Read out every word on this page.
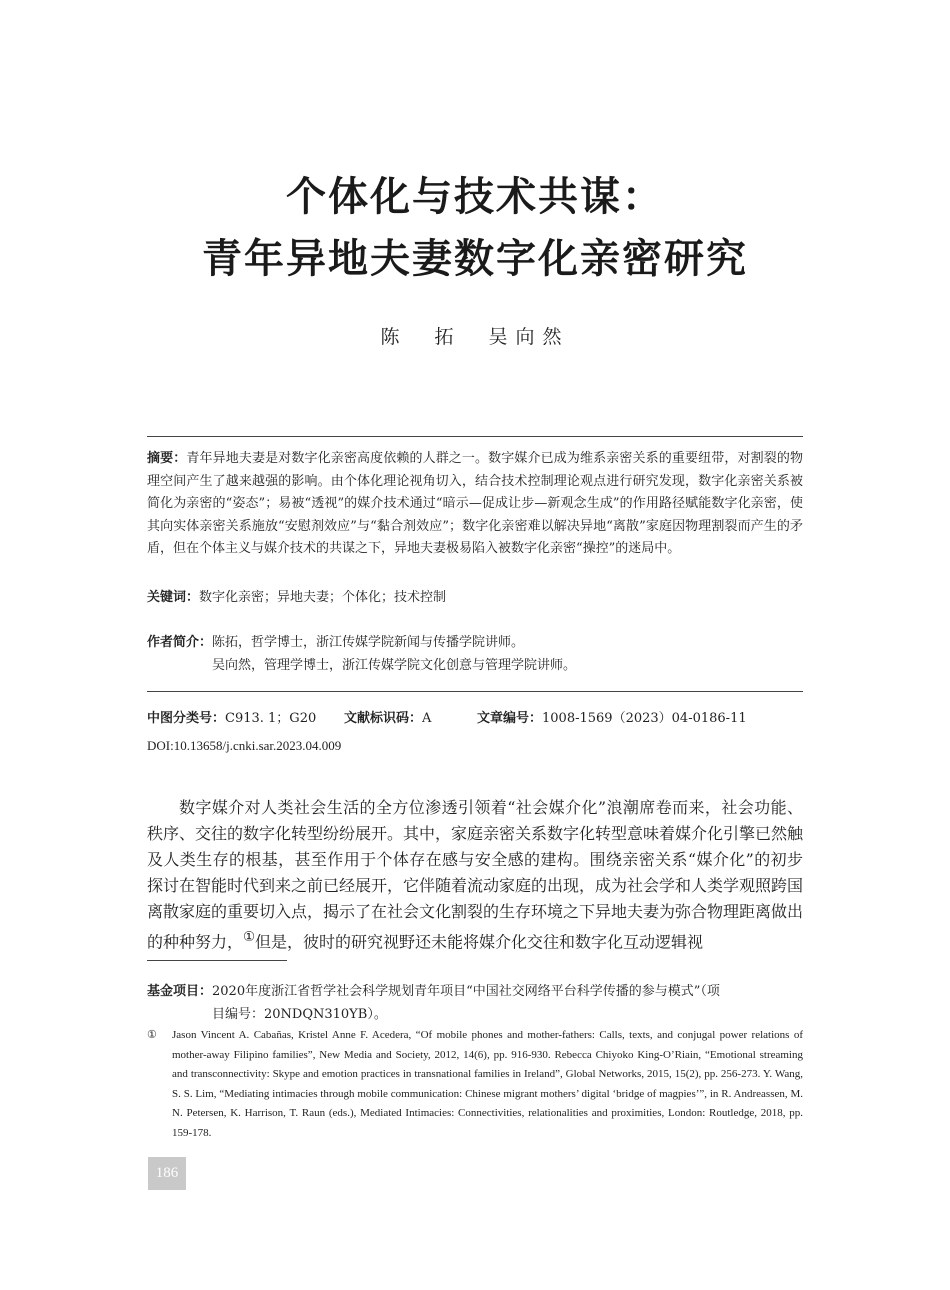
个体化与技术共谋：
青年异地夫妻数字化亲密研究
陈　拓　吴向然
摘要：青年异地夫妻是对数字化亲密高度依赖的人群之一。数字媒介已成为维系亲密关系的重要纽带，对割裂的物理空间产生了越来越强的影响。由个体化理论视角切入，结合技术控制理论观点进行研究发现，数字化亲密关系被简化为亲密的“姿态”；易被“透视”的媒介技术通过“暗示—促成让步—新观念生成”的作用路径赋能数字化亲密，使其向实体亲密关系施放“安慰剂效应”与“黏合剂效应”；数字化亲密难以解决异地“离散”家庭因物理割裂而产生的矛盾，但在个体主义与媒介技术的共谋之下，异地夫妻极易陷入被数字化亲密“操控”的迷局中。
关键词：数字化亲密；异地夫妻；个体化；技术控制
作者简介：陈拓，哲学博士，浙江传媒学院新闻与传播学院讲师。
吴向然，管理学博士，浙江传媒学院文化创意与管理学院讲师。
中图分类号：C913. 1；G20 文献标识码：A	文章编号：1008-1569（2023）04-0186-11
DOI:10.13658/j.cnki.sar.2023.04.009
数字媒介对人类社会生活的全方位渗透引领着“社会媒介化”浪潮席卷而来，社会功能、秩序、交往的数字化转型纷纷展开。其中，家庭亲密关系数字化转型意味着媒介化引擎已然触及人类生存的根基，甚至作用于个体存在感与安全感的建构。围绕亲密关系“媒介化”的初步探讨在智能时代到来之前已经展开，它伴随着流动家庭的出现，成为社会学和人类学观照跨国离散家庭的重要切入点，揭示了在社会文化割裂的生存环境之下异地夫妻为弥合物理距离做出的种种努力，①但是，彼时的研究视野还未能将媒介化交往和数字化互动逻辑视
基金项目：2020年度浙江省哲学社会科学规划青年项目“中国社交网络平台科学传播的参与模式”（项
目编号：20NDQN310YB）。
① Jason Vincent A. Cabañas, Kristel Anne F. Acedera, “Of mobile phones and mother-fathers: Calls, texts, and conjugal power relations of mother-away Filipino families”, New Media and Society, 2012, 14(6), pp. 916-930. Rebecca Chiyoko King-O’Riain, “Emotional streaming and transconnectivity: Skype and emotion practices in transnational families in Ireland”, Global Networks, 2015, 15(2), pp. 256-273. Y. Wang, S. S. Lim, “Mediating intimacies through mobile communication: Chinese migrant mothers’ digital ‘bridge of magpies’”, in R. Andreassen, M. N. Petersen, K. Harrison, T. Raun (eds.), Mediated Intimacies: Connectivities, relationalities and proximities, London: Routledge, 2018, pp. 159-178.
186
